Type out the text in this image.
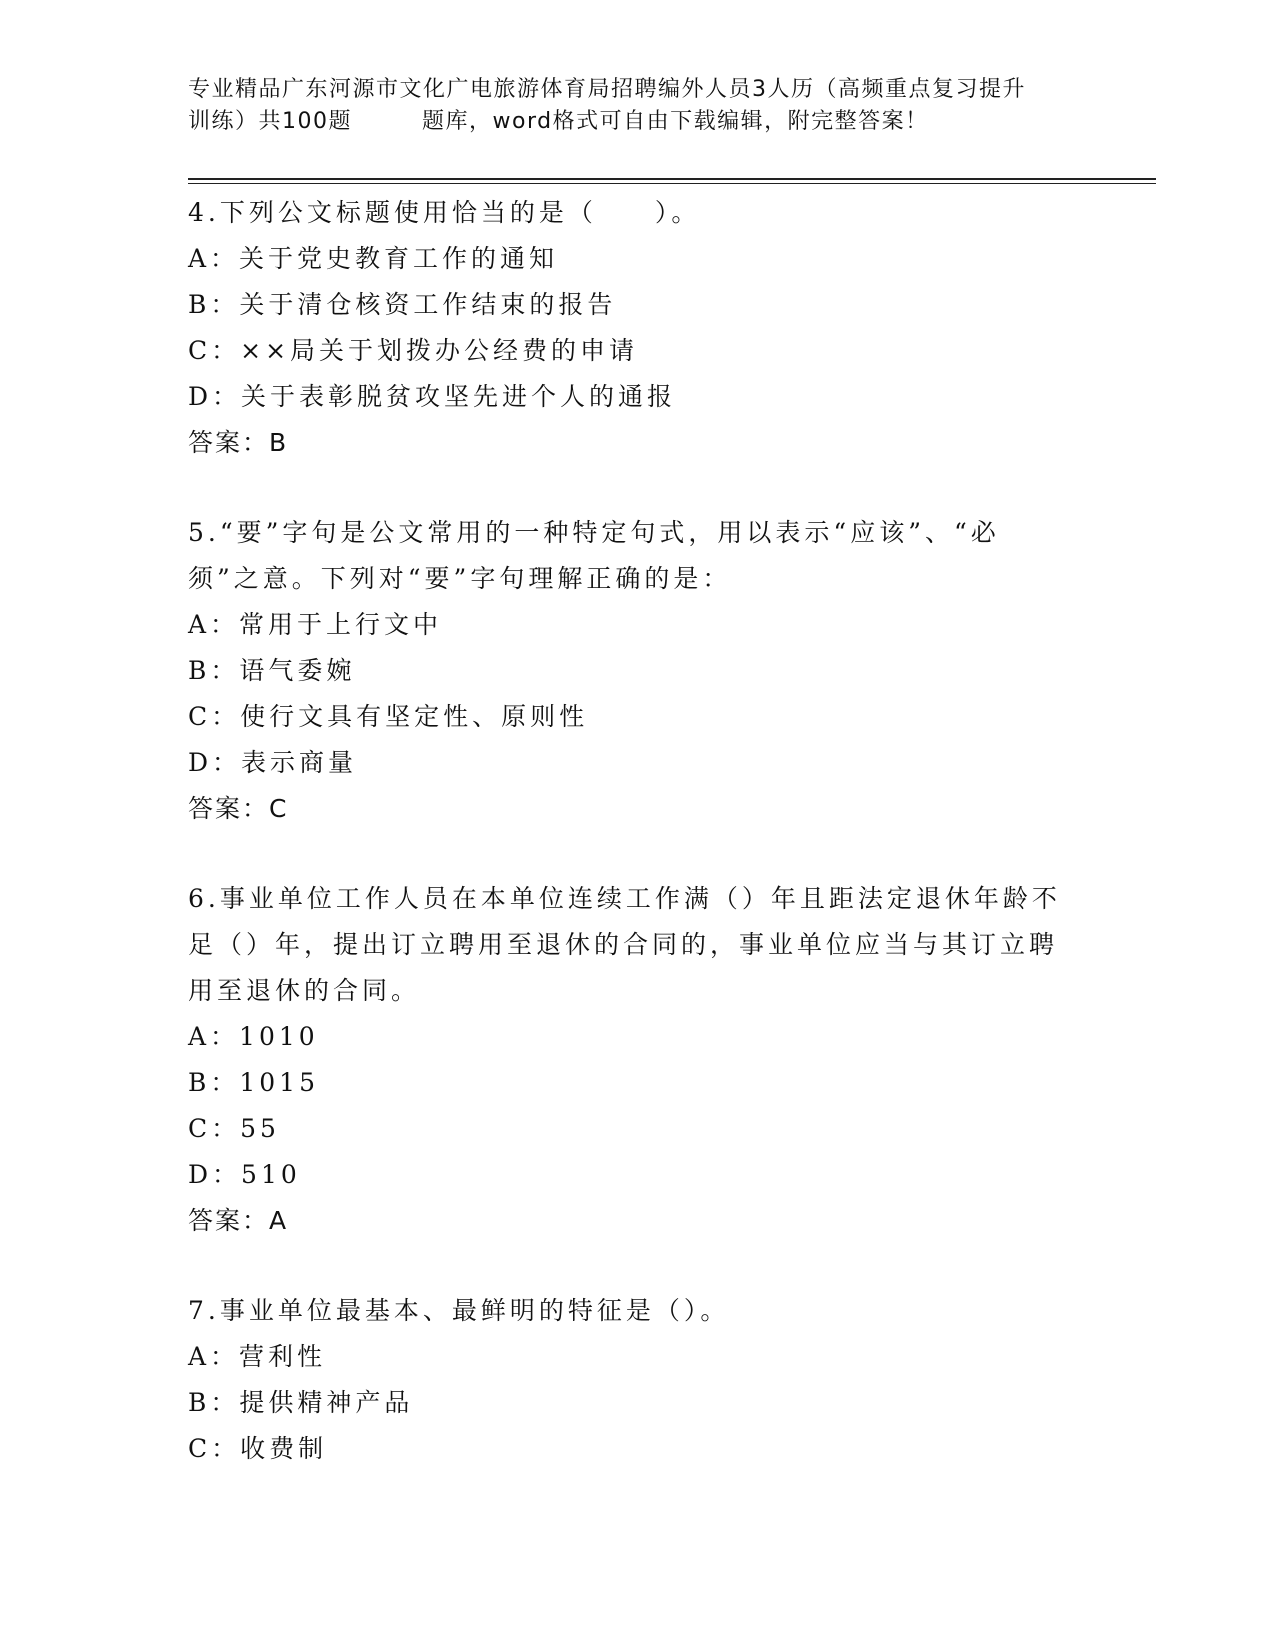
专业精品广东河源市文化广电旅游体育局招聘编外人员3人历（高频重点复习提升
训练）共100题	题库，word格式可自由下载编辑，附完整答案！
4.下列公文标题使用恰当的是（　　）。
A：关于党史教育工作的通知
B：关于清仓核资工作结束的报告
C：××局关于划拨办公经费的申请
D：关于表彰脱贫攻坚先进个人的通报
答案：B
5.“要”字句是公文常用的一种特定句式，用以表示“应该”、“必
须”之意。下列对“要”字句理解正确的是：
A：常用于上行文中
B：语气委婉
C：使行文具有坚定性、原则性
D：表示商量
答案：C
6.事业单位工作人员在本单位连续工作满（）年且距法定退休年龄不
足（）年，提出订立聘用至退休的合同的，事业单位应当与其订立聘
用至退休的合同。
A：1010
B：1015
C：55
D：510
答案：A
7.事业单位最基本、最鲜明的特征是（）。
A：营利性
B：提供精神产品
C：收费制
